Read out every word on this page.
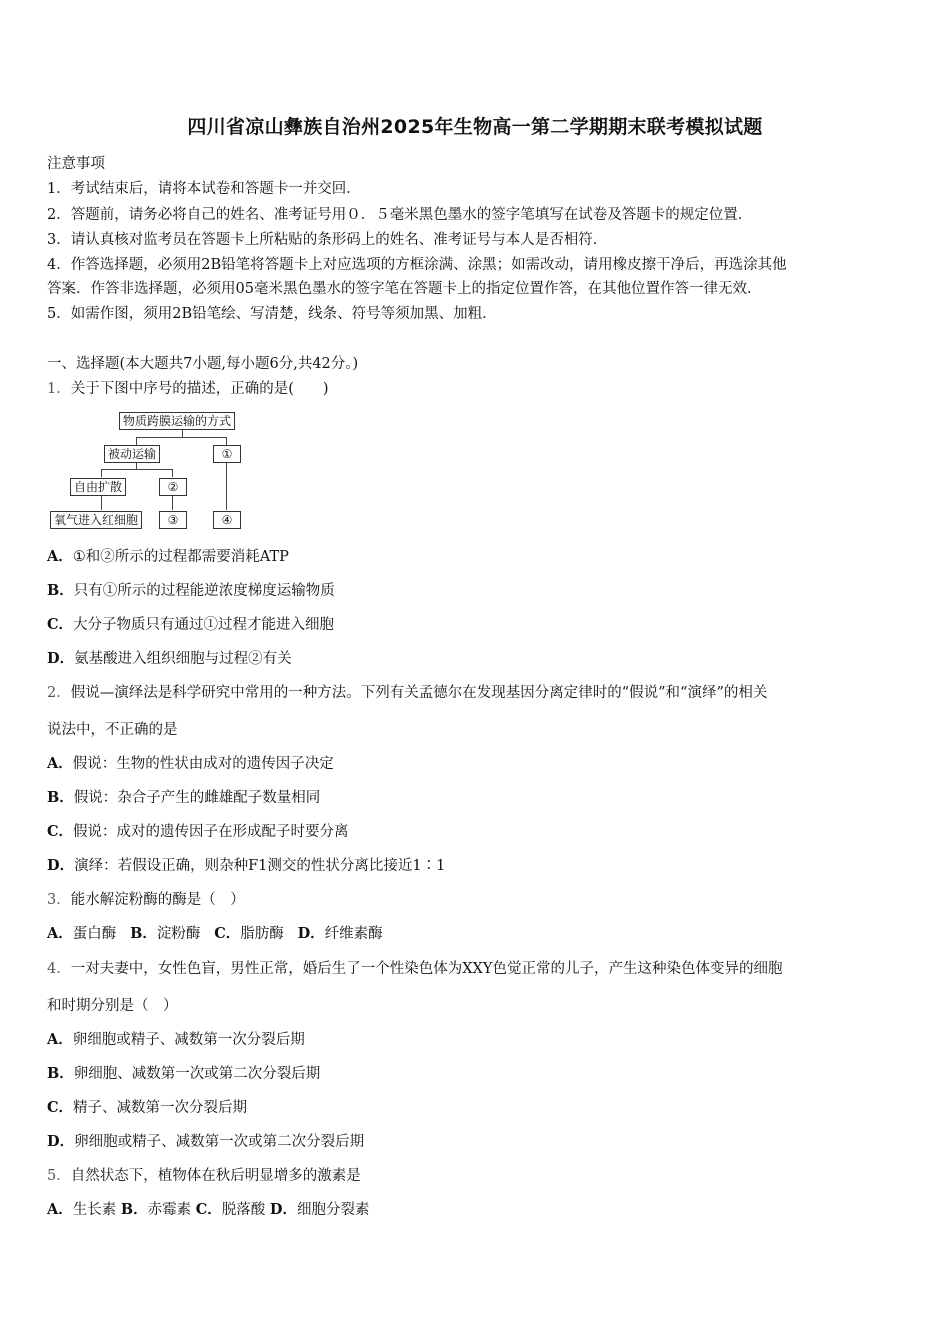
四川省凉山彝族自治州2025年生物高一第二学期期末联考模拟试题
注意事项
1．考试结束后，请将本试卷和答题卡一并交回．
2．答题前，请务必将自己的姓名、准考证号用０．５毫米黑色墨水的签字笔填写在试卷及答题卡的规定位置．
3．请认真核对监考员在答题卡上所粘贴的条形码上的姓名、准考证号与本人是否相符．
4．作答选择题，必须用2B铅笔将答题卡上对应选项的方框涂满、涂黑；如需改动，请用橡皮擦干净后，再选涂其他
答案．作答非选择题，必须用05毫米黑色墨水的签字笔在答题卡上的指定位置作答，在其他位置作答一律无效．
5．如需作图，须用2B铅笔绘、写清楚，线条、符号等须加黑、加粗．
一、选择题(本大题共7小题,每小题6分,共42分。)
1．关于下图中序号的描述，正确的是(　　)
物质跨膜运输的方式
被动运输	①
自由扩散	②
氧气进入红细胞	③	④
A．①和②所示的过程都需要消耗ATP
B．只有①所示的过程能逆浓度梯度运输物质
C．大分子物质只有通过①过程才能进入细胞
D．氨基酸进入组织细胞与过程②有关
2．假说—演绎法是科学研究中常用的一种方法。下列有关孟德尔在发现基因分离定律时的“假说”和“演绎”的相关
说法中，不正确的是
A．假说：生物的性状由成对的遗传因子决定
B．假说：杂合子产生的雌雄配子数量相同
C．假说：成对的遗传因子在形成配子时要分离
D．演绎：若假设正确，则杂种F1测交的性状分离比接近1∶1
3．能水解淀粉酶的酶是（　）
A．蛋白酶 B．淀粉酶 C．脂肪酶 D．纤维素酶
4．一对夫妻中，女性色盲，男性正常，婚后生了一个性染色体为XXY色觉正常的儿子，产生这种染色体变异的细胞
和时期分别是（　）
A．卵细胞或精子、减数第一次分裂后期
B．卵细胞、减数第一次或第二次分裂后期
C．精子、减数第一次分裂后期
D．卵细胞或精子、减数第一次或第二次分裂后期
5．自然状态下，植物体在秋后明显增多的激素是
A．生长素 B．赤霉素 C．脱落酸 D．细胞分裂素
